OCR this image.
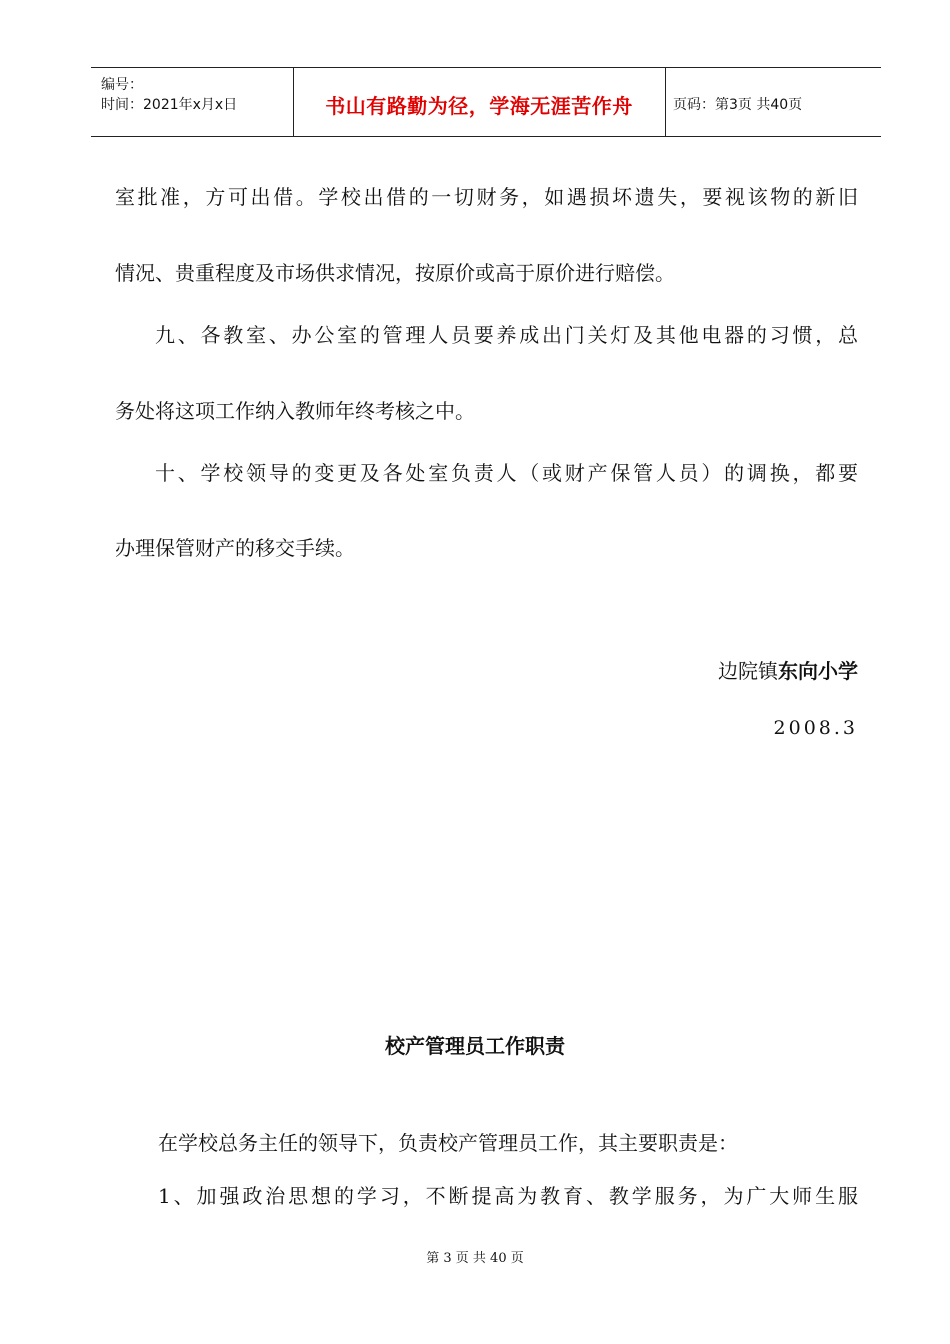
编号：
时间：2021年x月x日	书山有路勤为径，学海无涯苦作舟	页码：第3页 共40页
室批准，方可出借。学校出借的一切财务，如遇损坏遗失，要视该物的新旧
情况、贵重程度及市场供求情况，按原价或高于原价进行赔偿。
九、各教室、办公室的管理人员要养成出门关灯及其他电器的习惯，总
务处将这项工作纳入教师年终考核之中。
十、学校领导的变更及各处室负责人（或财产保管人员）的调换，都要
办理保管财产的移交手续。
边院镇东向小学
2008.3
校产管理员工作职责
在学校总务主任的领导下，负责校产管理员工作，其主要职责是：
1、加强政治思想的学习，不断提高为教育、教学服务，为广大师生服
第 3 页 共 40 页
